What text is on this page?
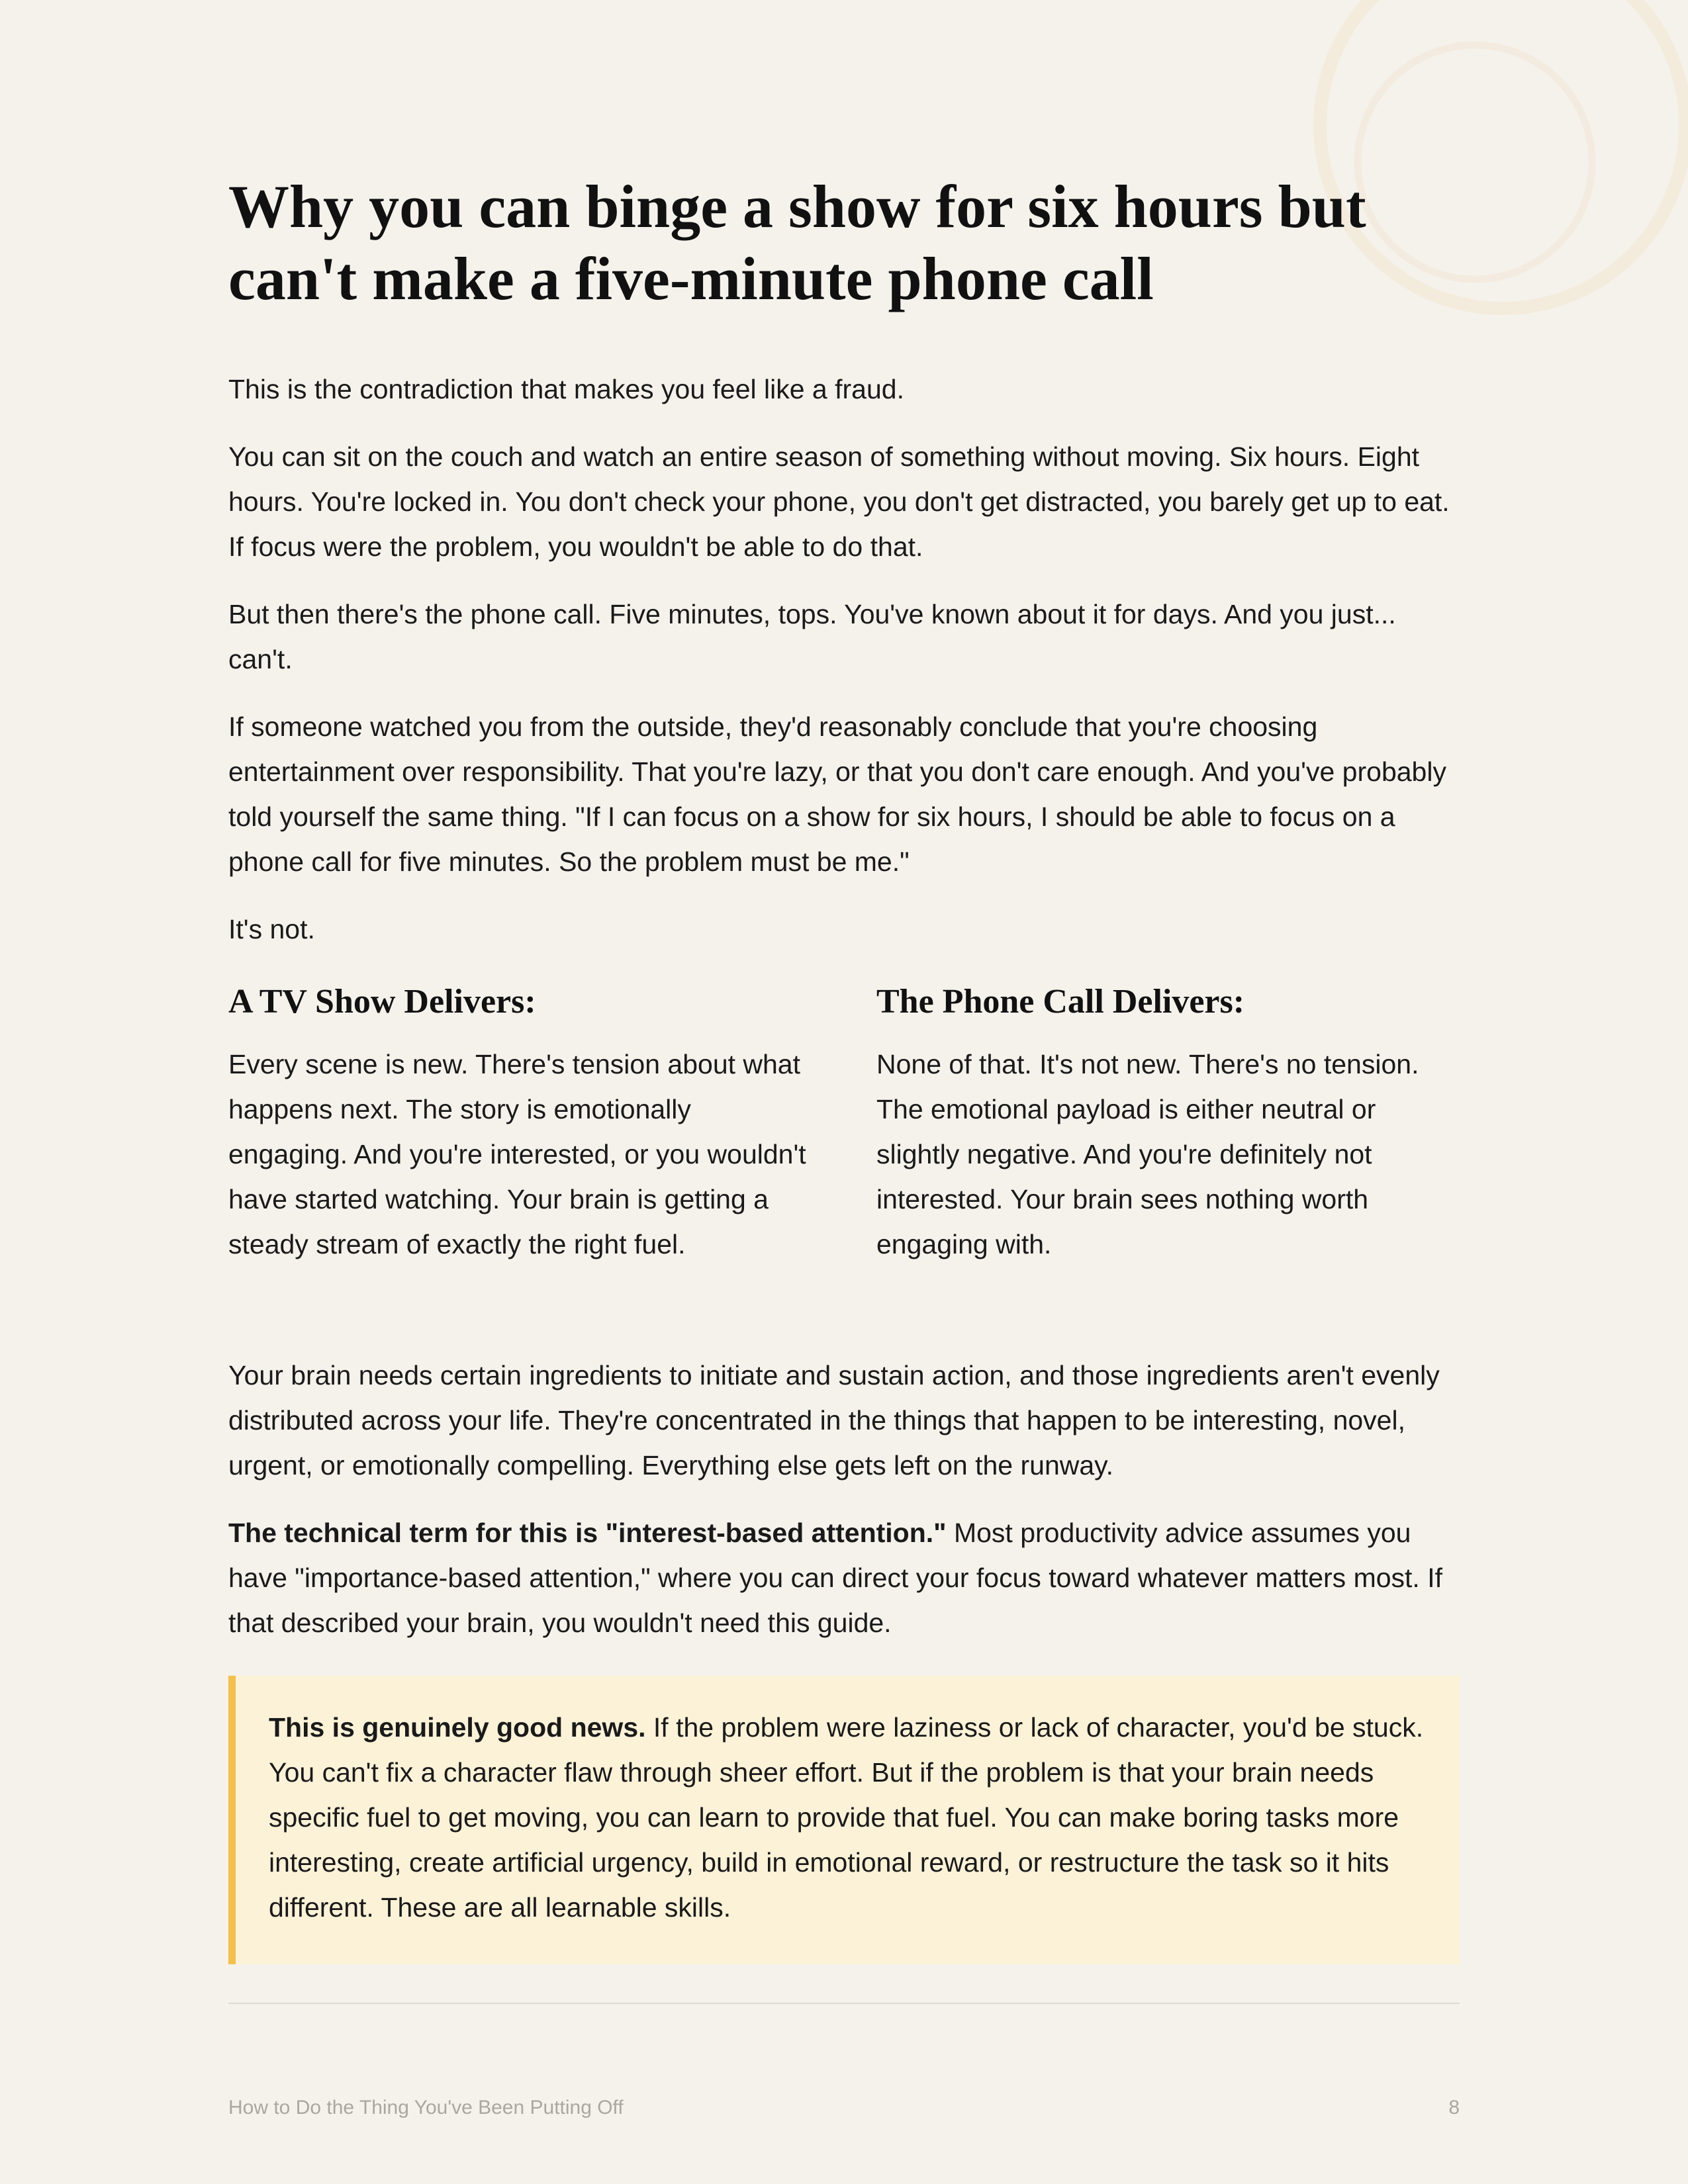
Why you can binge a show for six hours but can't make a five-minute phone call

This is the contradiction that makes you feel like a fraud.

You can sit on the couch and watch an entire season of something without moving. Six hours. Eight hours. You're locked in. You don't check your phone, you don't get distracted, you barely get up to eat. If focus were the problem, you wouldn't be able to do that.

But then there's the phone call. Five minutes, tops. You've known about it for days. And you just... can't.

If someone watched you from the outside, they'd reasonably conclude that you're choosing entertainment over responsibility. That you're lazy, or that you don't care enough. And you've probably told yourself the same thing. "If I can focus on a show for six hours, I should be able to focus on a phone call for five minutes. So the problem must be me."

It's not.

A TV Show Delivers:

Every scene is new. There's tension about what happens next. The story is emotionally engaging. And you're interested, or you wouldn't have started watching. Your brain is getting a steady stream of exactly the right fuel.

The Phone Call Delivers:

None of that. It's not new. There's no tension. The emotional payload is either neutral or slightly negative. And you're definitely not interested. Your brain sees nothing worth engaging with.

Your brain needs certain ingredients to initiate and sustain action, and those ingredients aren't evenly distributed across your life. They're concentrated in the things that happen to be interesting, novel, urgent, or emotionally compelling. Everything else gets left on the runway.

The technical term for this is "interest-based attention." Most productivity advice assumes you have "importance-based attention," where you can direct your focus toward whatever matters most. If that described your brain, you wouldn't need this guide.

This is genuinely good news. If the problem were laziness or lack of character, you'd be stuck. You can't fix a character flaw through sheer effort. But if the problem is that your brain needs specific fuel to get moving, you can learn to provide that fuel. You can make boring tasks more interesting, create artificial urgency, build in emotional reward, or restructure the task so it hits different. These are all learnable skills.

How to Do the Thing You've Been Putting Off	8
